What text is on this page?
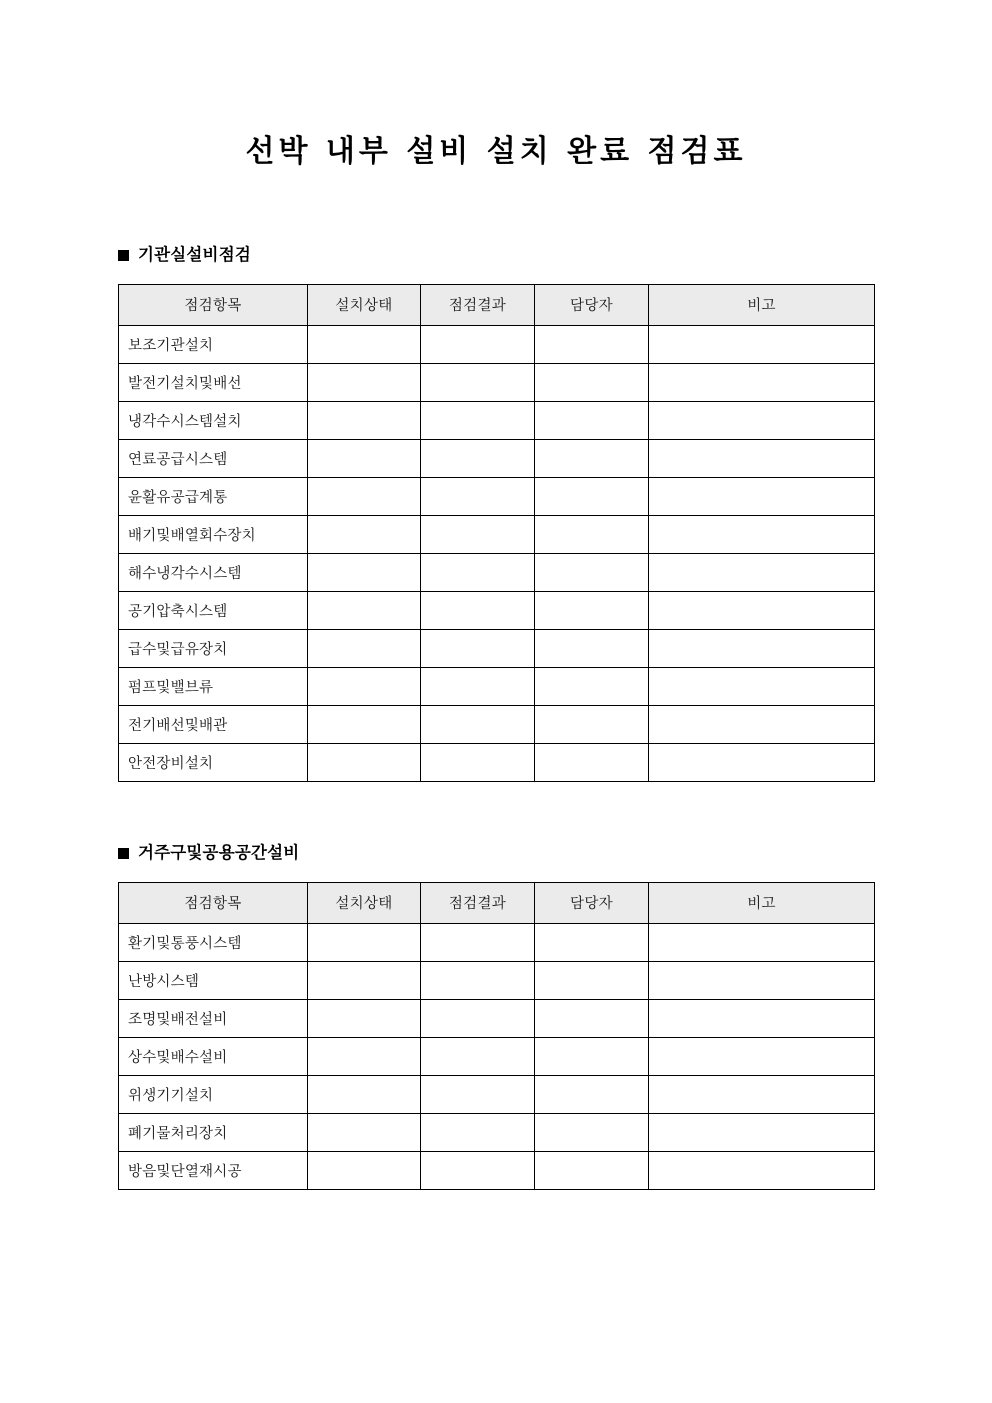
선박 내부 설비 설치 완료 점검표
기관실설비점검
점검항목	설치상태	점검결과	담당자	비고
보조기관설치				
발전기설치및배선				
냉각수시스템설치				
연료공급시스템				
윤활유공급계통				
배기및배열회수장치				
해수냉각수시스템				
공기압축시스템				
급수및급유장치				
펌프및밸브류				
전기배선및배관				
안전장비설치				
거주구및공용공간설비
점검항목	설치상태	점검결과	담당자	비고
환기및통풍시스템				
난방시스템				
조명및배전설비				
상수및배수설비				
위생기기설치				
폐기물처리장치				
방음및단열재시공				
